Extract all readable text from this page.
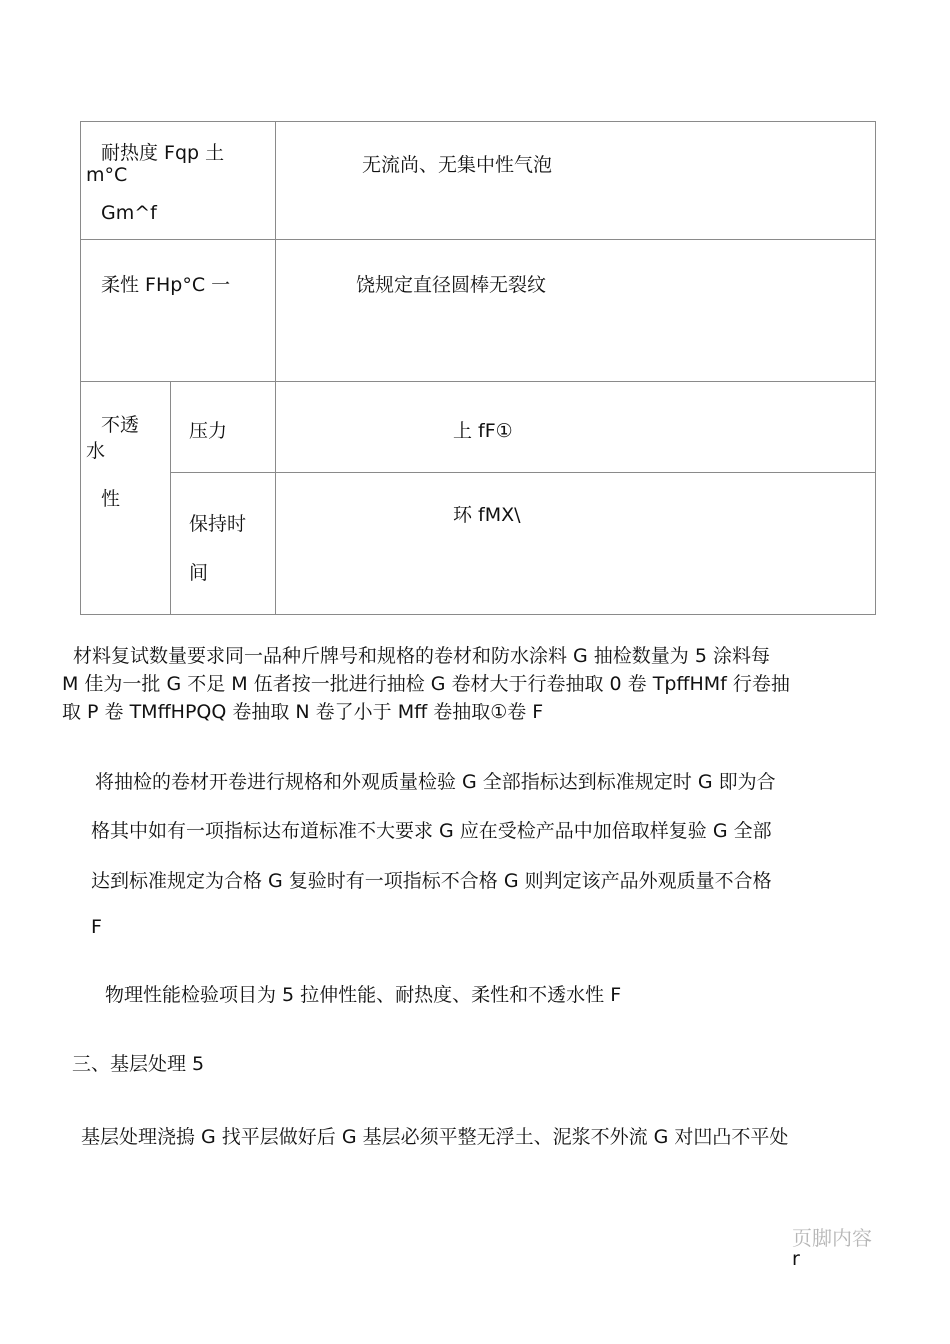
耐热度 Fqp 土
m°C
Gm^f		无流尚、无集中性气泡

柔性 FHp°C 一		饶规定直径圆棒无裂纹

不透
水
性	压力	上 fF①

	保持时
间	环 fMX\
材料复试数量要求同一品种斤牌号和规格的卷材和防水涂料 G 抽检数量为 5 涂料每
M 佳为一批 G 不足 M 伍者按一批进行抽检 G 卷材大于行卷抽取 0 卷 TpffHMf 行卷抽
取 P 卷 TMffHPQQ 卷抽取 N 卷了小于 Mff 卷抽取①卷 F
将抽检的卷材开卷进行规格和外观质量检验 G 全部指标达到标准规定时 G 即为合
格其中如有一项指标达布道标准不大要求 G 应在受检产品中加倍取样复验 G 全部
达到标准规定为合格 G 复验时有一项指标不合格 G 则判定该产品外观质量不合格
F
物理性能检验项目为 5 拉伸性能、耐热度、柔性和不透水性 F
三、基层处理 5
基层处理浇摀 G 找平层做好后 G 基层必须平整无浮土、泥浆不外流 G 对凹凸不平处
页脚内容
r
